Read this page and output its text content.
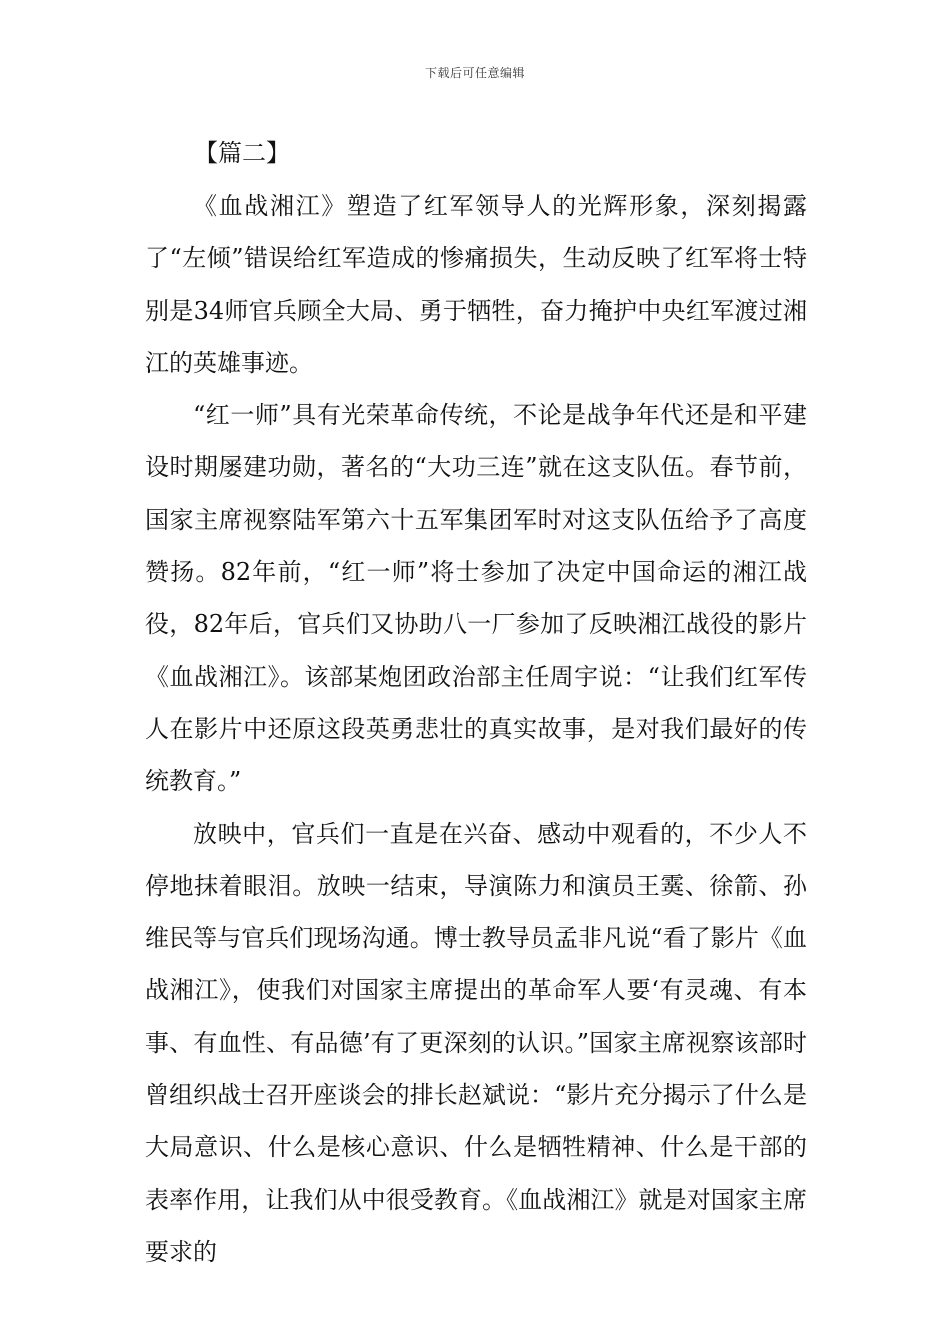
下载后可任意编辑

【篇二】

《血战湘江》塑造了红军领导人的光辉形象，深刻揭露了“左倾”错误给红军造成的惨痛损失，生动反映了红军将士特别是34师官兵顾全大局、勇于牺牲，奋力掩护中央红军渡过湘江的英雄事迹。

“红一师”具有光荣革命传统，不论是战争年代还是和平建设时期屡建功勋，著名的“大功三连”就在这支队伍。春节前，国家主席视察陆军第六十五军集团军时对这支队伍给予了高度赞扬。82年前，“红一师”将士参加了决定中国命运的湘江战役，82年后，官兵们又协助八一厂参加了反映湘江战役的影片《血战湘江》。该部某炮团政治部主任周宇说：“让我们红军传人在影片中还原这段英勇悲壮的真实故事，是对我们最好的传统教育。”

放映中，官兵们一直是在兴奋、感动中观看的，不少人不停地抹着眼泪。放映一结束，导演陈力和演员王霙、徐箭、孙维民等与官兵们现场沟通。博士教导员孟非凡说“看了影片《血战湘江》，使我们对国家主席提出的革命军人要‘有灵魂、有本事、有血性、有品德’有了更深刻的认识。”国家主席视察该部时曾组织战士召开座谈会的排长赵斌说：“影片充分揭示了什么是大局意识、什么是核心意识、什么是牺牲精神、什么是干部的表率作用，让我们从中很受教育。《血战湘江》就是对国家主席要求的
